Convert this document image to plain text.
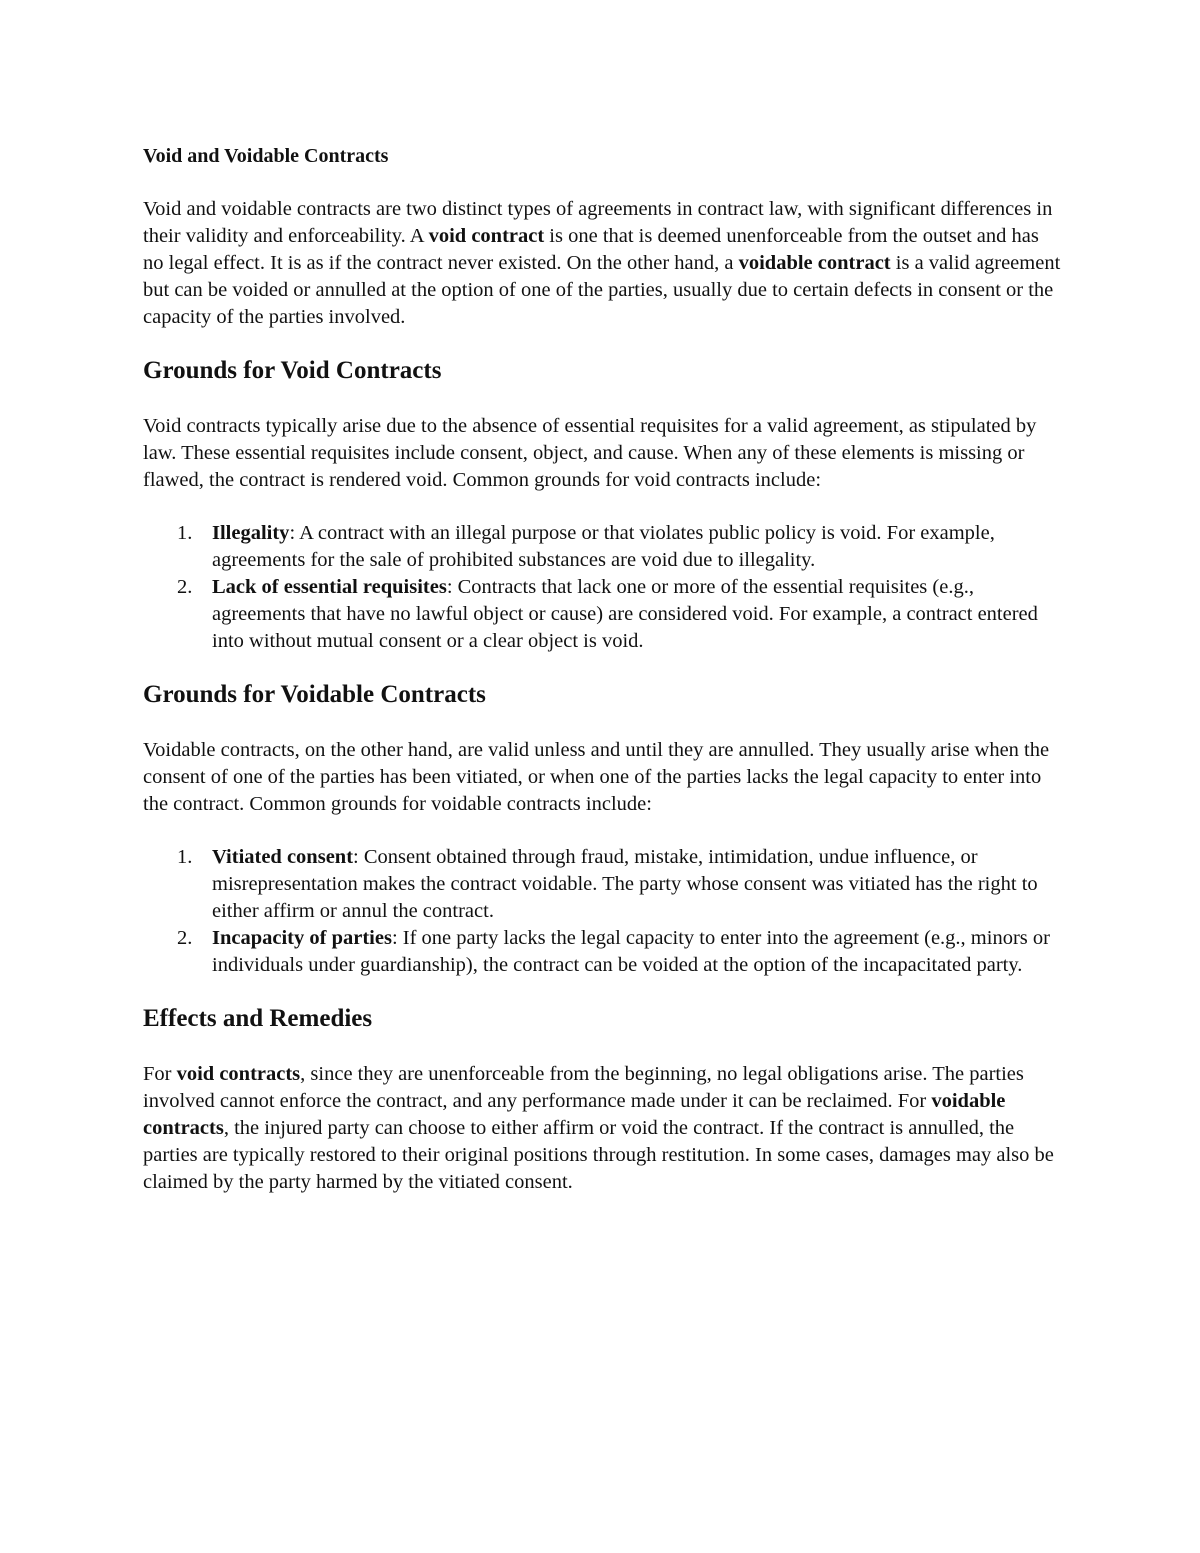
Void and Voidable Contracts

Void and voidable contracts are two distinct types of agreements in contract law, with significant differences in their validity and enforceability. A void contract is one that is deemed unenforceable from the outset and has no legal effect. It is as if the contract never existed. On the other hand, a voidable contract is a valid agreement but can be voided or annulled at the option of one of the parties, usually due to certain defects in consent or the capacity of the parties involved.

Grounds for Void Contracts

Void contracts typically arise due to the absence of essential requisites for a valid agreement, as stipulated by law. These essential requisites include consent, object, and cause. When any of these elements is missing or flawed, the contract is rendered void. Common grounds for void contracts include:

1. Illegality: A contract with an illegal purpose or that violates public policy is void. For example, agreements for the sale of prohibited substances are void due to illegality.
2. Lack of essential requisites: Contracts that lack one or more of the essential requisites (e.g., agreements that have no lawful object or cause) are considered void. For example, a contract entered into without mutual consent or a clear object is void.
Grounds for Voidable Contracts

Voidable contracts, on the other hand, are valid unless and until they are annulled. They usually arise when the consent of one of the parties has been vitiated, or when one of the parties lacks the legal capacity to enter into the contract. Common grounds for voidable contracts include:

1. Vitiated consent: Consent obtained through fraud, mistake, intimidation, undue influence, or misrepresentation makes the contract voidable. The party whose consent was vitiated has the right to either affirm or annul the contract.
2. Incapacity of parties: If one party lacks the legal capacity to enter into the agreement (e.g., minors or individuals under guardianship), the contract can be voided at the option of the incapacitated party.
Effects and Remedies

For void contracts, since they are unenforceable from the beginning, no legal obligations arise. The parties involved cannot enforce the contract, and any performance made under it can be reclaimed. For voidable contracts, the injured party can choose to either affirm or void the contract. If the contract is annulled, the parties are typically restored to their original positions through restitution. In some cases, damages may also be claimed by the party harmed by the vitiated consent.
